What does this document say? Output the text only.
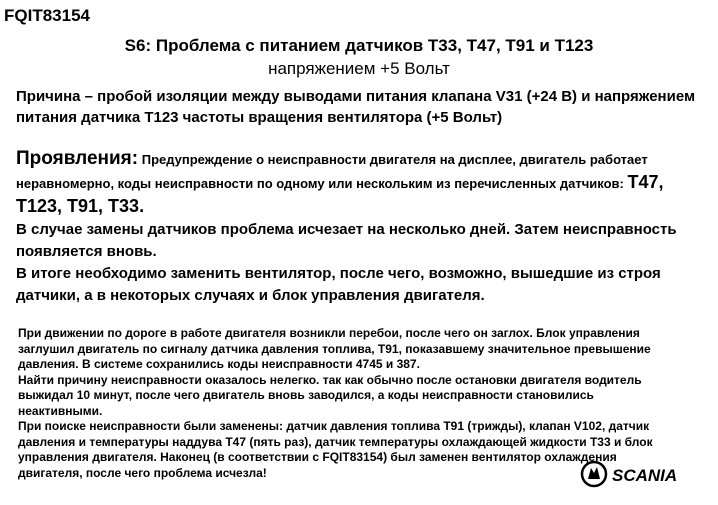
FQIT83154
S6: Проблема с питанием датчиков Т33, Т47, Т91 и Т123
напряжением +5 Вольт
Причина – пробой изоляции между выводами питания клапана V31 (+24 В) и напряжением питания датчика Т123 частоты вращения вентилятора (+5 Вольт)
Проявления: Предупреждение о неисправности двигателя на дисплее, двигатель работает неравномерно, коды неисправности по одному или нескольким из перечисленных датчиков: Т47, Т123, Т91, Т33.
В случае замены датчиков проблема исчезает на несколько дней. Затем неисправность появляется вновь.
В итоге необходимо заменить вентилятор, после чего, возможно, вышедшие из строя датчики, а в некоторых случаях и блок управления двигателя.
При движении по дороге в работе двигателя возникли перебои, после чего он заглох. Блок управления заглушил двигатель по сигналу датчика давления топлива, Т91, показавшему значительное превышение давления. В системе сохранились коды неисправности 4745 и 387.
Найти причину неисправности оказалось нелегко. так как обычно после остановки двигателя водитель выжидал 10 минут, после чего двигатель вновь заводился, а коды неисправности становились неактивными.
При поиске неисправности были заменены: датчик давления топлива Т91 (трижды), клапан V102, датчик давления и температуры наддува Т47 (пять раз), датчик температуры охлаждающей жидкости Т33 и блок управления двигателя. Наконец (в соответствии с FQIT83154) был заменен вентилятор охлаждения двигателя, после чего проблема исчезла!	SCANIA
